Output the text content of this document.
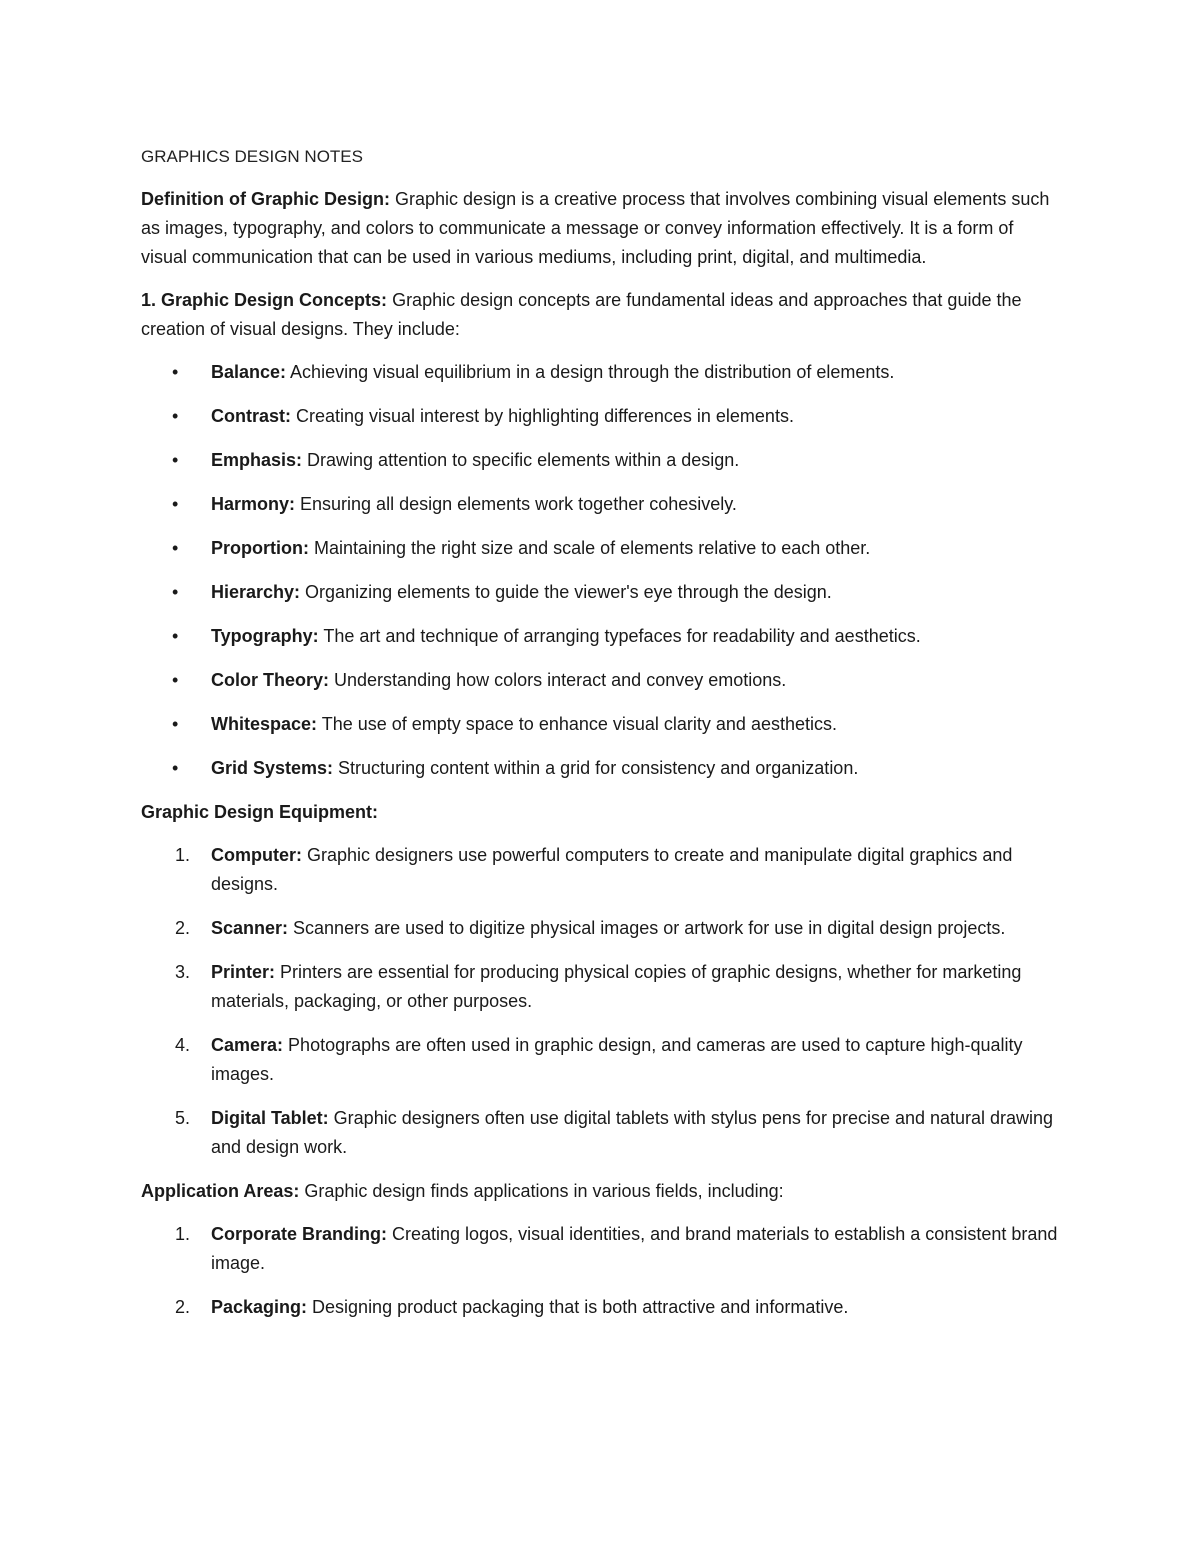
GRAPHICS DESIGN NOTES

Definition of Graphic Design: Graphic design is a creative process that involves combining visual elements such as images, typography, and colors to communicate a message or convey information effectively. It is a form of visual communication that can be used in various mediums, including print, digital, and multimedia.

1. Graphic Design Concepts: Graphic design concepts are fundamental ideas and approaches that guide the creation of visual designs. They include:

• Balance: Achieving visual equilibrium in a design through the distribution of elements.
• Contrast: Creating visual interest by highlighting differences in elements.
• Emphasis: Drawing attention to specific elements within a design.
• Harmony: Ensuring all design elements work together cohesively.
• Proportion: Maintaining the right size and scale of elements relative to each other.
• Hierarchy: Organizing elements to guide the viewer's eye through the design.
• Typography: The art and technique of arranging typefaces for readability and aesthetics.
• Color Theory: Understanding how colors interact and convey emotions.
• Whitespace: The use of empty space to enhance visual clarity and aesthetics.
• Grid Systems: Structuring content within a grid for consistency and organization.
Graphic Design Equipment:
1. Computer: Graphic designers use powerful computers to create and manipulate digital graphics and designs.
2. Scanner: Scanners are used to digitize physical images or artwork for use in digital design projects.
3. Printer: Printers are essential for producing physical copies of graphic designs, whether for marketing materials, packaging, or other purposes.
4. Camera: Photographs are often used in graphic design, and cameras are used to capture high-quality images.
5. Digital Tablet: Graphic designers often use digital tablets with stylus pens for precise and natural drawing and design work.

Application Areas: Graphic design finds applications in various fields, including:

1. Corporate Branding: Creating logos, visual identities, and brand materials to establish a consistent brand image.
2. Packaging: Designing product packaging that is both attractive and informative.
